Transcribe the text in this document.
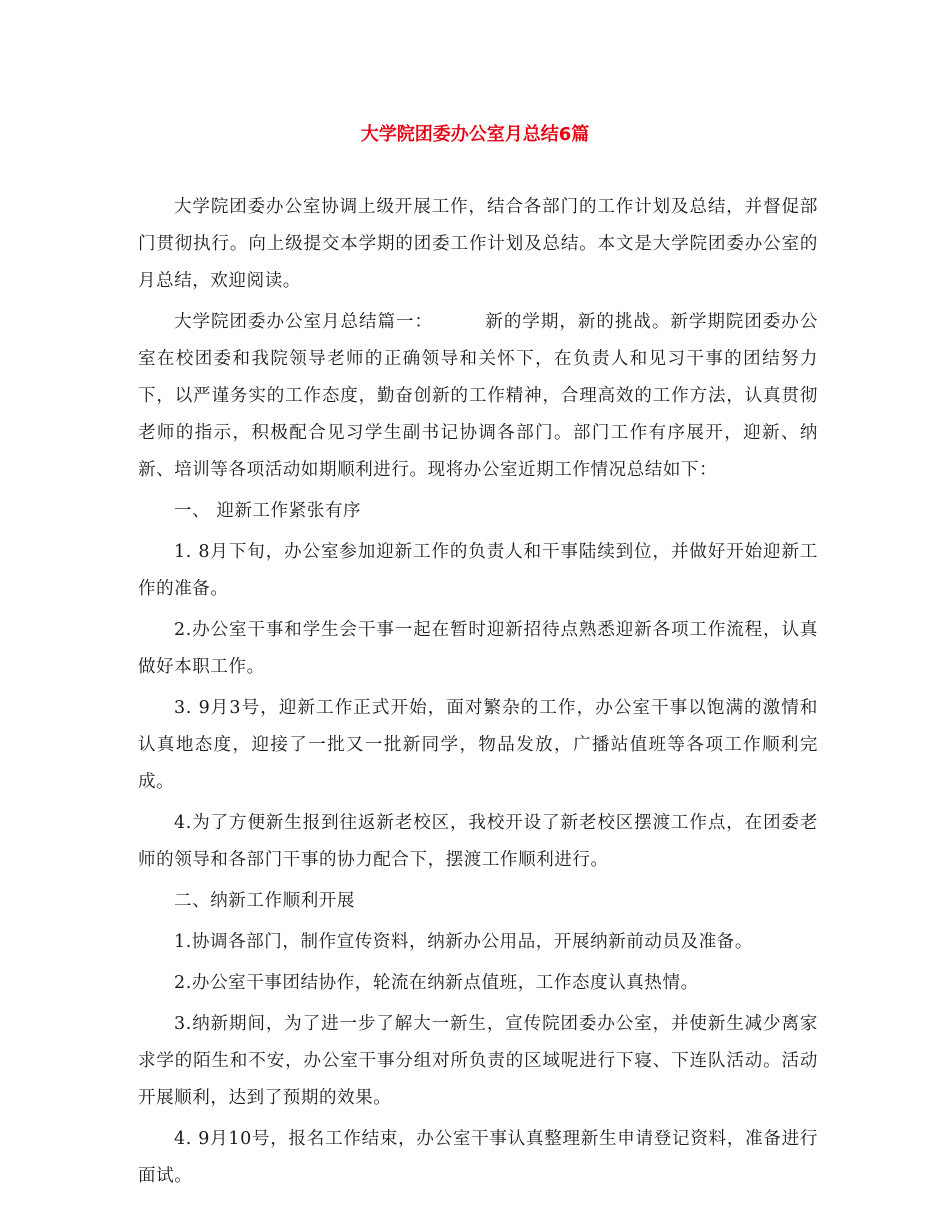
大学院团委办公室月总结6篇

大学院团委办公室协调上级开展工作，结合各部门的工作计划及总结，并督促部门贯彻执行。向上级提交本学期的团委工作计划及总结。本文是大学院团委办公室的月总结，欢迎阅读。

大学院团委办公室月总结篇一：	新的学期，新的挑战。新学期院团委办公室在校团委和我院领导老师的正确领导和关怀下，在负责人和见习干事的团结努力下，以严谨务实的工作态度，勤奋创新的工作精神，合理高效的工作方法，认真贯彻老师的指示，积极配合见习学生副书记协调各部门。部门工作有序展开，迎新、纳新、培训等各项活动如期顺利进行。现将办公室近期工作情况总结如下：

一、 迎新工作紧张有序

1. 8月下旬，办公室参加迎新工作的负责人和干事陆续到位，并做好开始迎新工作的准备。

2.办公室干事和学生会干事一起在暂时迎新招待点熟悉迎新各项工作流程，认真做好本职工作。

3. 9月3号，迎新工作正式开始，面对繁杂的工作，办公室干事以饱满的激情和认真地态度，迎接了一批又一批新同学，物品发放，广播站值班等各项工作顺利完成。

4.为了方便新生报到往返新老校区，我校开设了新老校区摆渡工作点，在团委老师的领导和各部门干事的协力配合下，摆渡工作顺利进行。

二、纳新工作顺利开展

1.协调各部门，制作宣传资料，纳新办公用品，开展纳新前动员及准备。

2.办公室干事团结协作，轮流在纳新点值班，工作态度认真热情。

3.纳新期间，为了进一步了解大一新生，宣传院团委办公室，并使新生减少离家求学的陌生和不安，办公室干事分组对所负责的区域呢进行下寝、下连队活动。活动开展顺利，达到了预期的效果。

4. 9月10号，报名工作结束，办公室干事认真整理新生申请登记资料，准备进行面试。
